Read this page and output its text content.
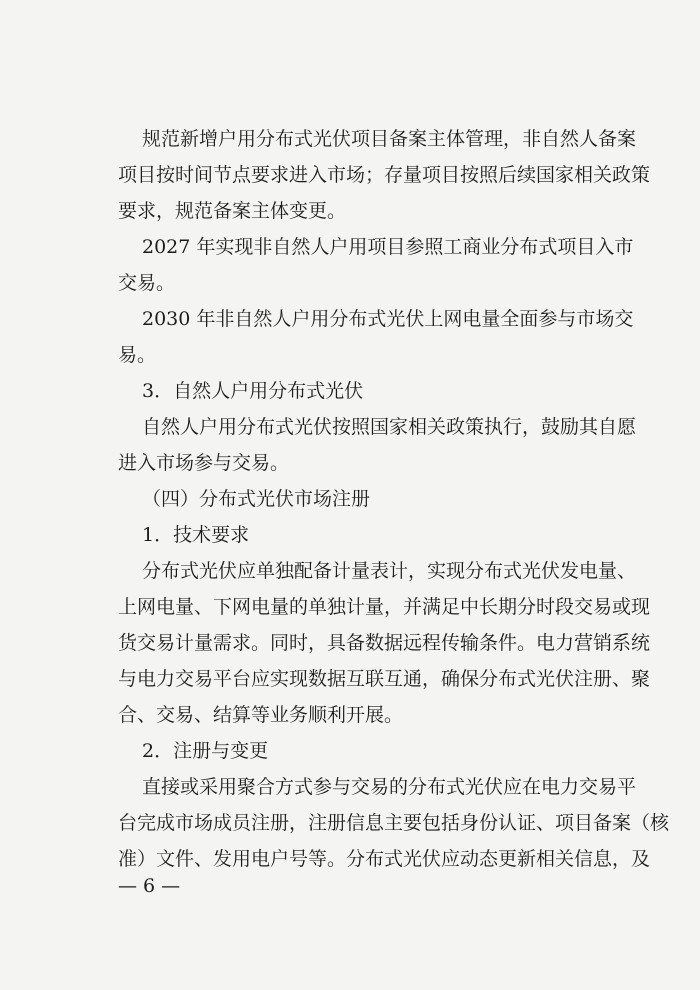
规范新增户用分布式光伏项目备案主体管理，非自然人备案
项目按时间节点要求进入市场；存量项目按照后续国家相关政策
要求，规范备案主体变更。
2027 年实现非自然人户用项目参照工商业分布式项目入市
交易。
2030 年非自然人户用分布式光伏上网电量全面参与市场交
易。
3．自然人户用分布式光伏
自然人户用分布式光伏按照国家相关政策执行，鼓励其自愿
进入市场参与交易。
（四）分布式光伏市场注册
1．技术要求
分布式光伏应单独配备计量表计，实现分布式光伏发电量、
上网电量、下网电量的单独计量，并满足中长期分时段交易或现
货交易计量需求。同时，具备数据远程传输条件。电力营销系统
与电力交易平台应实现数据互联互通，确保分布式光伏注册、聚
合、交易、结算等业务顺利开展。
2．注册与变更
直接或采用聚合方式参与交易的分布式光伏应在电力交易平
台完成市场成员注册，注册信息主要包括身份认证、项目备案（核
准）文件、发用电户号等。分布式光伏应动态更新相关信息，及
— 6 —
